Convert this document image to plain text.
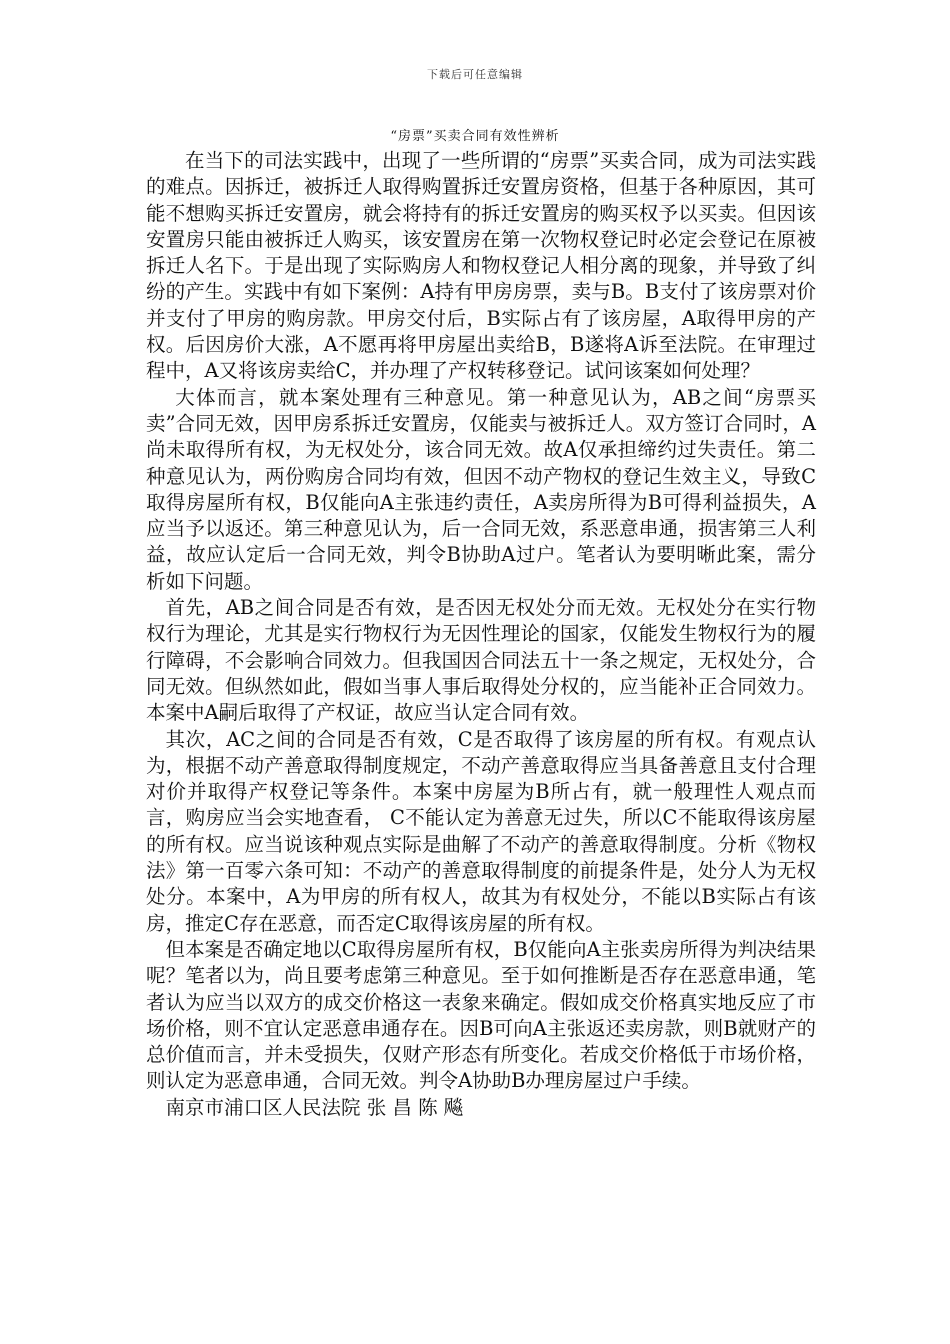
下载后可任意编辑
“房票”买卖合同有效性辨析

在当下的司法实践中，出现了一些所谓的“房票”买卖合同，成为司法实践的难点。因拆迁，被拆迁人取得购置拆迁安置房资格，但基于各种原因，其可能不想购买拆迁安置房，就会将持有的拆迁安置房的购买权予以买卖。但因该安置房只能由被拆迁人购买，该安置房在第一次物权登记时必定会登记在原被拆迁人名下。于是出现了实际购房人和物权登记人相分离的现象，并导致了纠纷的产生。实践中有如下案例：A持有甲房房票，卖与B。B支付了该房票对价并支付了甲房的购房款。甲房交付后，B实际占有了该房屋，A取得甲房的产权。后因房价大涨，A不愿再将甲房屋出卖给B，B遂将A诉至法院。在审理过程中，A又将该房卖给C，并办理了产权转移登记。试问该案如何处理？

大体而言，就本案处理有三种意见。第一种意见认为，AB之间“房票买卖”合同无效，因甲房系拆迁安置房，仅能卖与被拆迁人。双方签订合同时，A尚未取得所有权，为无权处分，该合同无效。故A仅承担缔约过失责任。第二种意见认为，两份购房合同均有效，但因不动产物权的登记生效主义，导致C取得房屋所有权，B仅能向A主张违约责任，A卖房所得为B可得利益损失，A应当予以返还。第三种意见认为，后一合同无效，系恶意串通，损害第三人利益，故应认定后一合同无效，判令B协助A过户。笔者认为要明晰此案，需分析如下问题。

首先，AB之间合同是否有效，是否因无权处分而无效。无权处分在实行物权行为理论，尤其是实行物权行为无因性理论的国家，仅能发生物权行为的履行障碍，不会影响合同效力。但我国因合同法五十一条之规定，无权处分，合同无效。但纵然如此，假如当事人事后取得处分权的，应当能补正合同效力。本案中A嗣后取得了产权证，故应当认定合同有效。

其次，AC之间的合同是否有效，C是否取得了该房屋的所有权。有观点认为，根据不动产善意取得制度规定，不动产善意取得应当具备善意且支付合理对价并取得产权登记等条件。本案中房屋为B所占有，就一般理性人观点而言，购房应当会实地查看， C不能认定为善意无过失，所以C不能取得该房屋的所有权。应当说该种观点实际是曲解了不动产的善意取得制度。分析《物权法》第一百零六条可知：不动产的善意取得制度的前提条件是，处分人为无权处分。本案中，A为甲房的所有权人，故其为有权处分，不能以B实际占有该房，推定C存在恶意，而否定C取得该房屋的所有权。

但本案是否确定地以C取得房屋所有权，B仅能向A主张卖房所得为判决结果呢？笔者以为，尚且要考虑第三种意见。至于如何推断是否存在恶意串通，笔者认为应当以双方的成交价格这一表象来确定。假如成交价格真实地反应了市场价格，则不宜认定恶意串通存在。因B可向A主张返还卖房款，则B就财产的总价值而言，并未受损失，仅财产形态有所变化。若成交价格低于市场价格，则认定为恶意串通，合同无效。判令A协助B办理房屋过户手续。

南京市浦口区人民法院 张 昌 陈 飚
